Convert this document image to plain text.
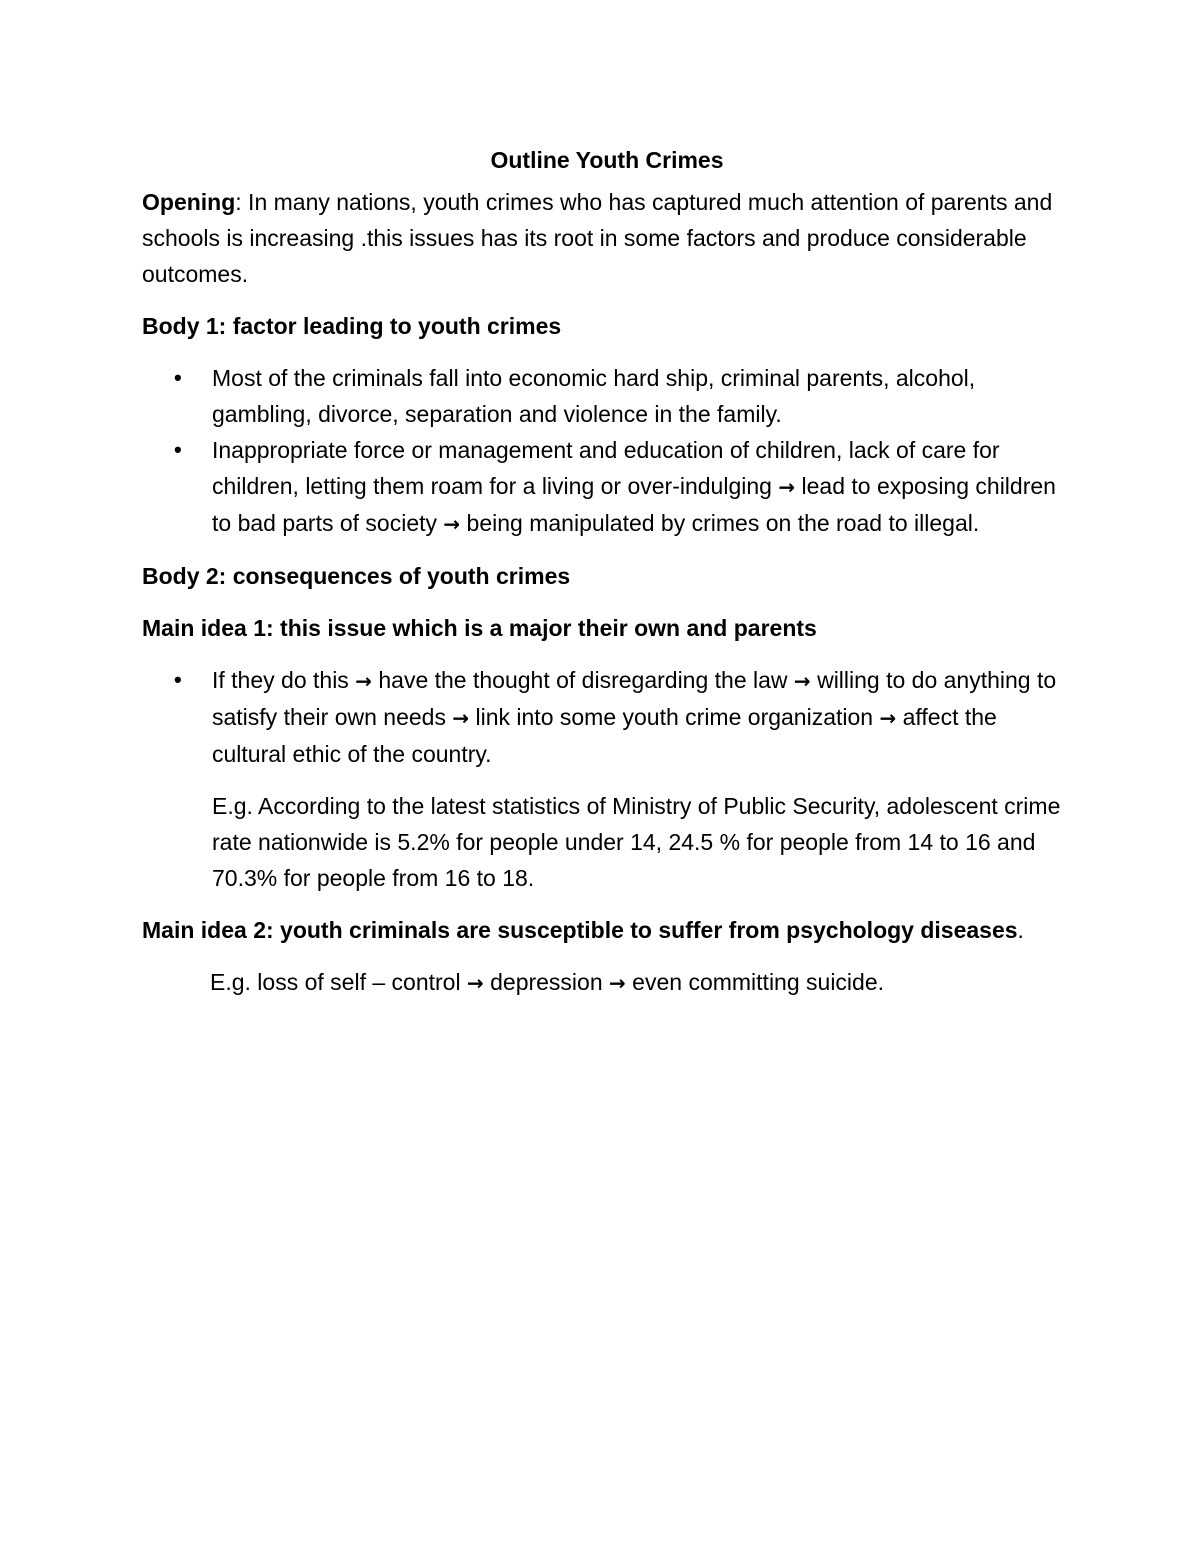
Outline Youth Crimes

Opening: In many nations, youth crimes who has captured much attention of parents and schools is increasing .this issues has its root in some factors and produce considerable outcomes.

Body 1: factor leading to youth crimes
• Most of the criminals fall into economic hard ship, criminal parents, alcohol, gambling, divorce, separation and violence in the family.
• Inappropriate force or management and education of children, lack of care for children, letting them roam for a living or over-indulging → lead to exposing children to bad parts of society → being manipulated by crimes on the road to illegal.
Body 2: consequences of youth crimes
Main idea 1: this issue which is a major their own and parents
• If they do this → have the thought of disregarding the law → willing to do anything to satisfy their own needs → link into some youth crime organization → affect the cultural ethic of the country.

E.g. According to the latest statistics of Ministry of Public Security, adolescent crime rate nationwide is 5.2% for people under 14, 24.5 % for people from 14 to 16 and 70.3% for people from 16 to 18.

Main idea 2: youth criminals are susceptible to suffer from psychology diseases.

E.g. loss of self – control → depression → even committing suicide.
